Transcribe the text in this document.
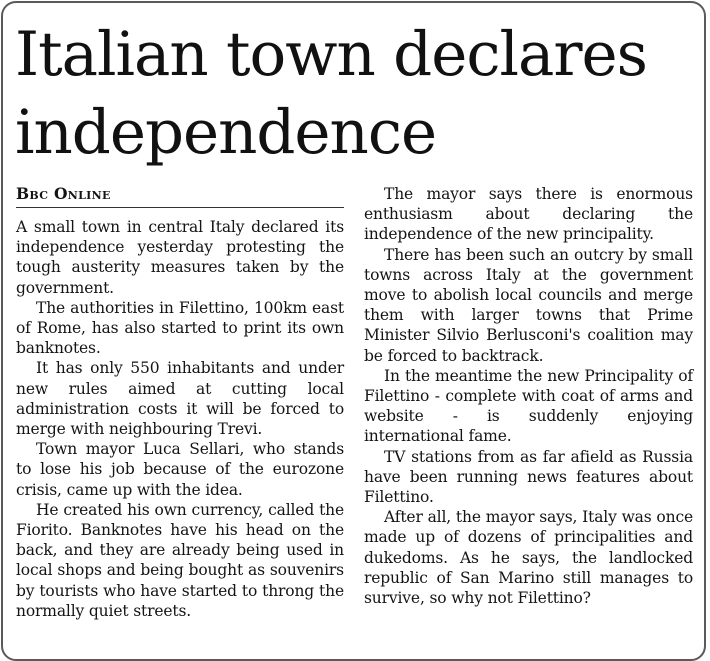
Italian town declares independence
Bbc Online

A small town in central Italy declared its independence yesterday protesting the tough austerity measures taken by the government.

The authorities in Filettino, 100km east of Rome, has also started to print its own banknotes.

It has only 550 inhabitants and under new rules aimed at cutting local administration costs it will be forced to merge with neighbouring Trevi.

Town mayor Luca Sellari, who stands to lose his job because of the eurozone crisis, came up with the idea.

He created his own currency, called the Fiorito. Banknotes have his head on the back, and they are already being used in local shops and being bought as souvenirs by tourists who have started to throng the normally quiet streets.

The mayor says there is enormous enthusiasm about declaring the independence of the new principality.

There has been such an outcry by small towns across Italy at the government move to abolish local councils and merge them with larger towns that Prime Minister Silvio Berlusconi's coalition may be forced to backtrack.

In the meantime the new Principality of Filettino - complete with coat of arms and website - is suddenly enjoying international fame.

TV stations from as far afield as Russia have been running news features about Filettino.

After all, the mayor says, Italy was once made up of dozens of principalities and dukedoms. As he says, the landlocked republic of San Marino still manages to survive, so why not Filettino?
